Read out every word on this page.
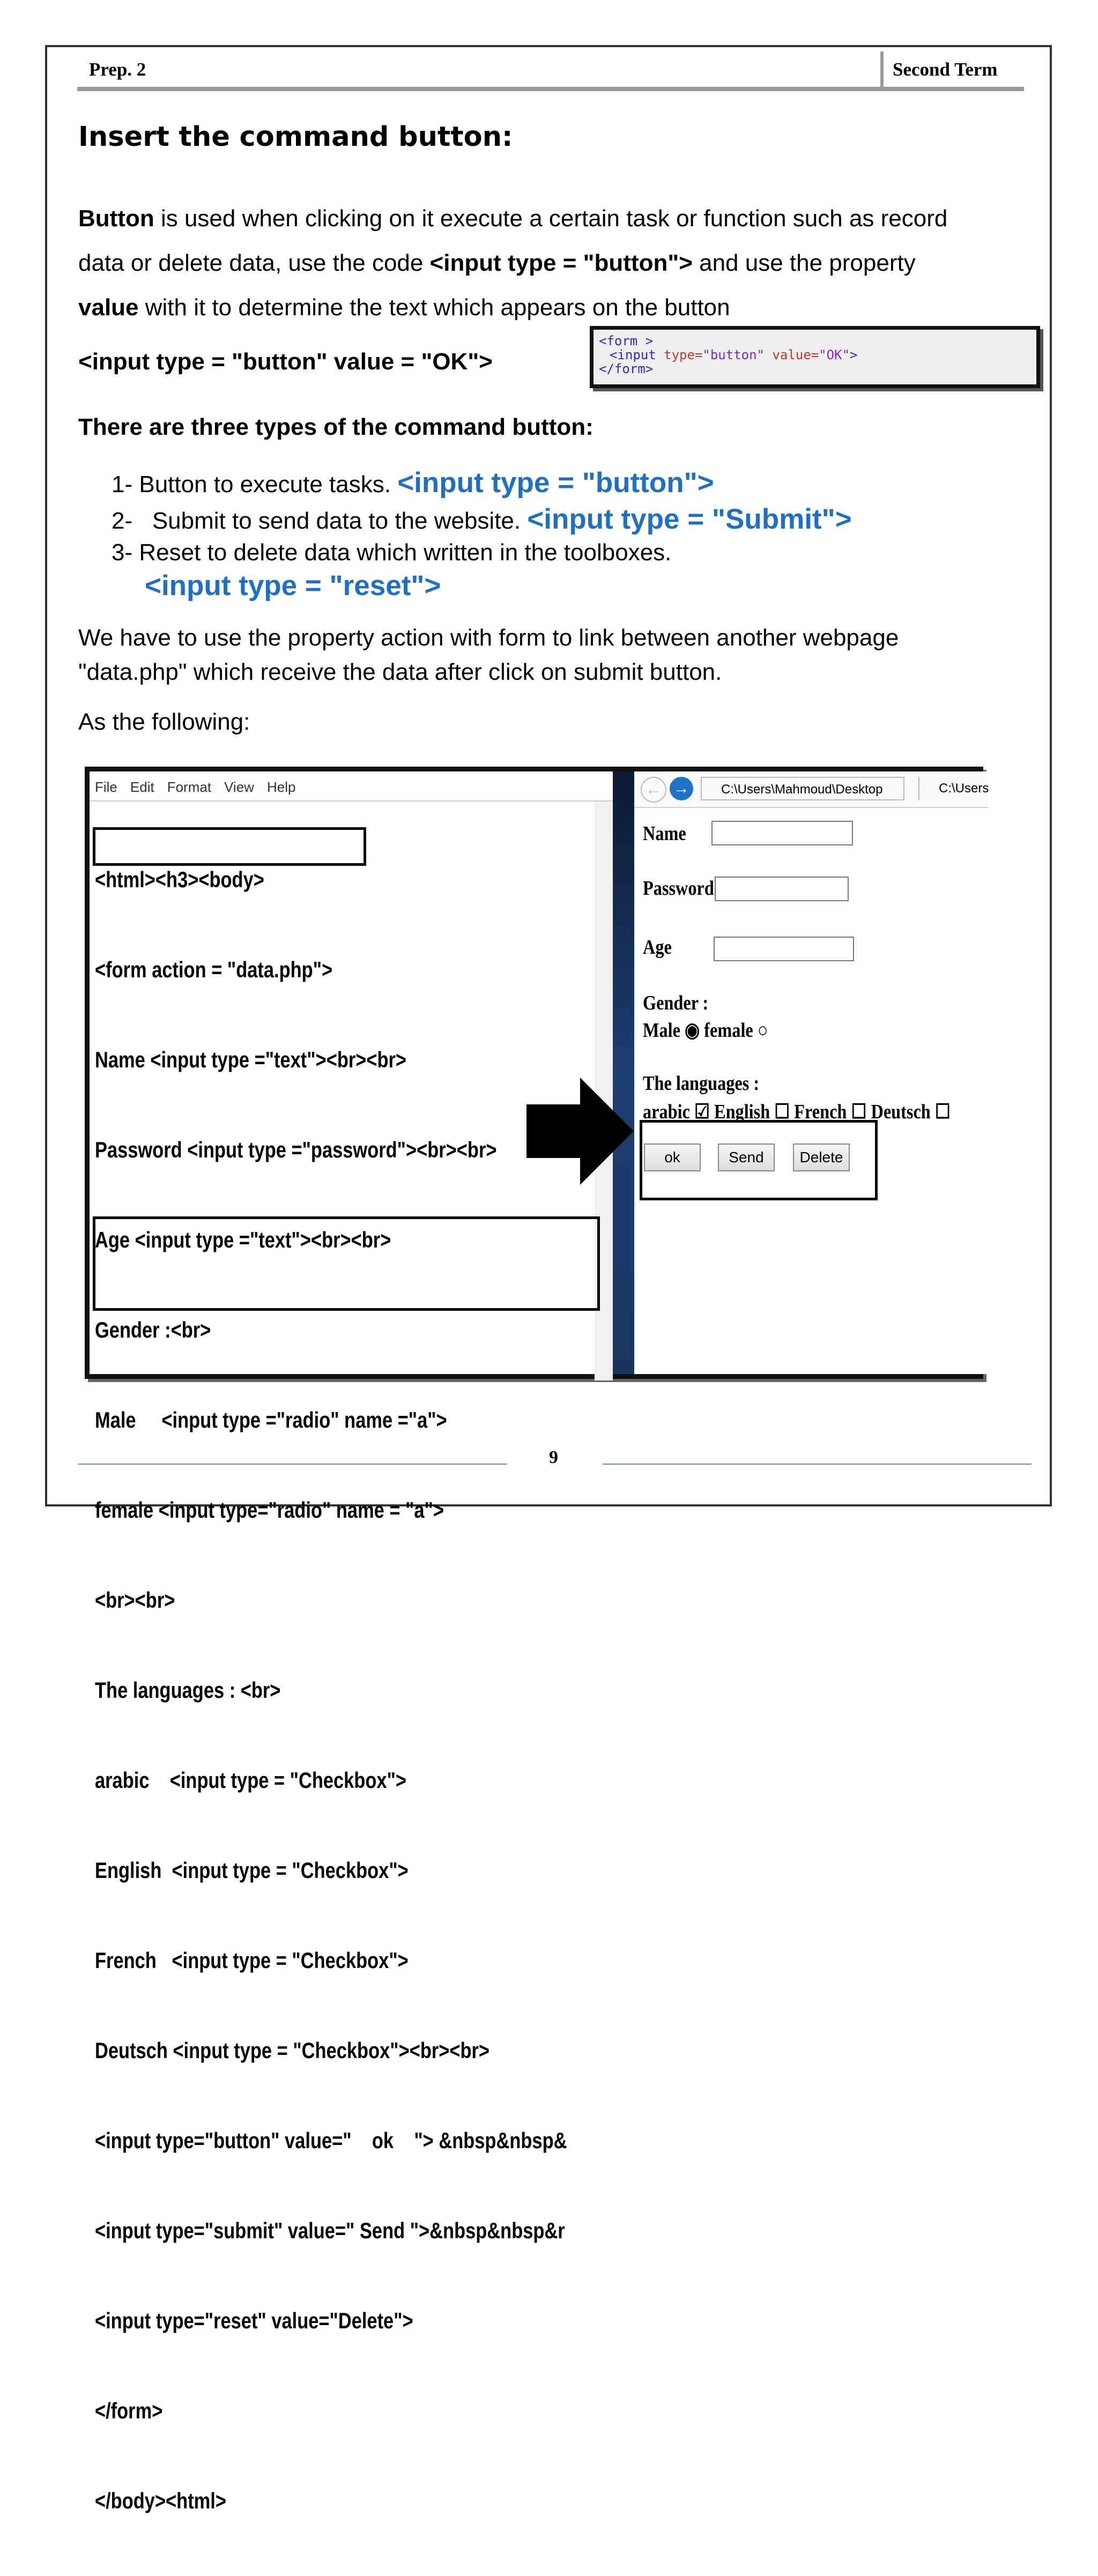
Prep. 2	Second Term
Insert the command button:
Button is used when clicking on it execute a certain task or function such as record
data or delete data, use the code <input type = "button"> and use the property
value with it to determine the text which appears on the button
<input type = "button" value = "OK">
<form >
<input type="button" value="OK">
</form>
There are three types of the command button:
1- Button to execute tasks. <input type = "button">
2- Submit to send data to the website. <input type = "Submit">
3- Reset to delete data which written in the toolboxes.
<input type = "reset">
We have to use the property action with form to link between another webpage
"data.php" which receive the data after click on submit button.
As the following:
File Edit Format View Help

<html><h3><body>

<form action = "data.php">

Name <input type ="text"><br><br>

Password <input type ="password"><br><br>

Age <input type ="text"><br><br>

Gender :<br>

Male     <input type ="radio" name ="a">

female <input type="radio" name = "a">

<br><br>

The languages : <br>

arabic    <input type = "Checkbox">

English  <input type = "Checkbox">

French   <input type = "Checkbox">

Deutsch <input type = "Checkbox"><br><br>

<input type="button" value="    ok    "> &nbsp&nbsp&

<input type="submit" value=" Send ">&nbsp&nbsp&r

<input type="reset" value="Delete">

</form>

</body><html>

← →	C:\Users\Mahmoud\Desktop	C:\Users
Name
Password
Age
Gender :
Male ◉ female ○
The languages :
arabic ☑ English ☐ French ☐ Deutsch ☐
ok	Send	Delete
9
